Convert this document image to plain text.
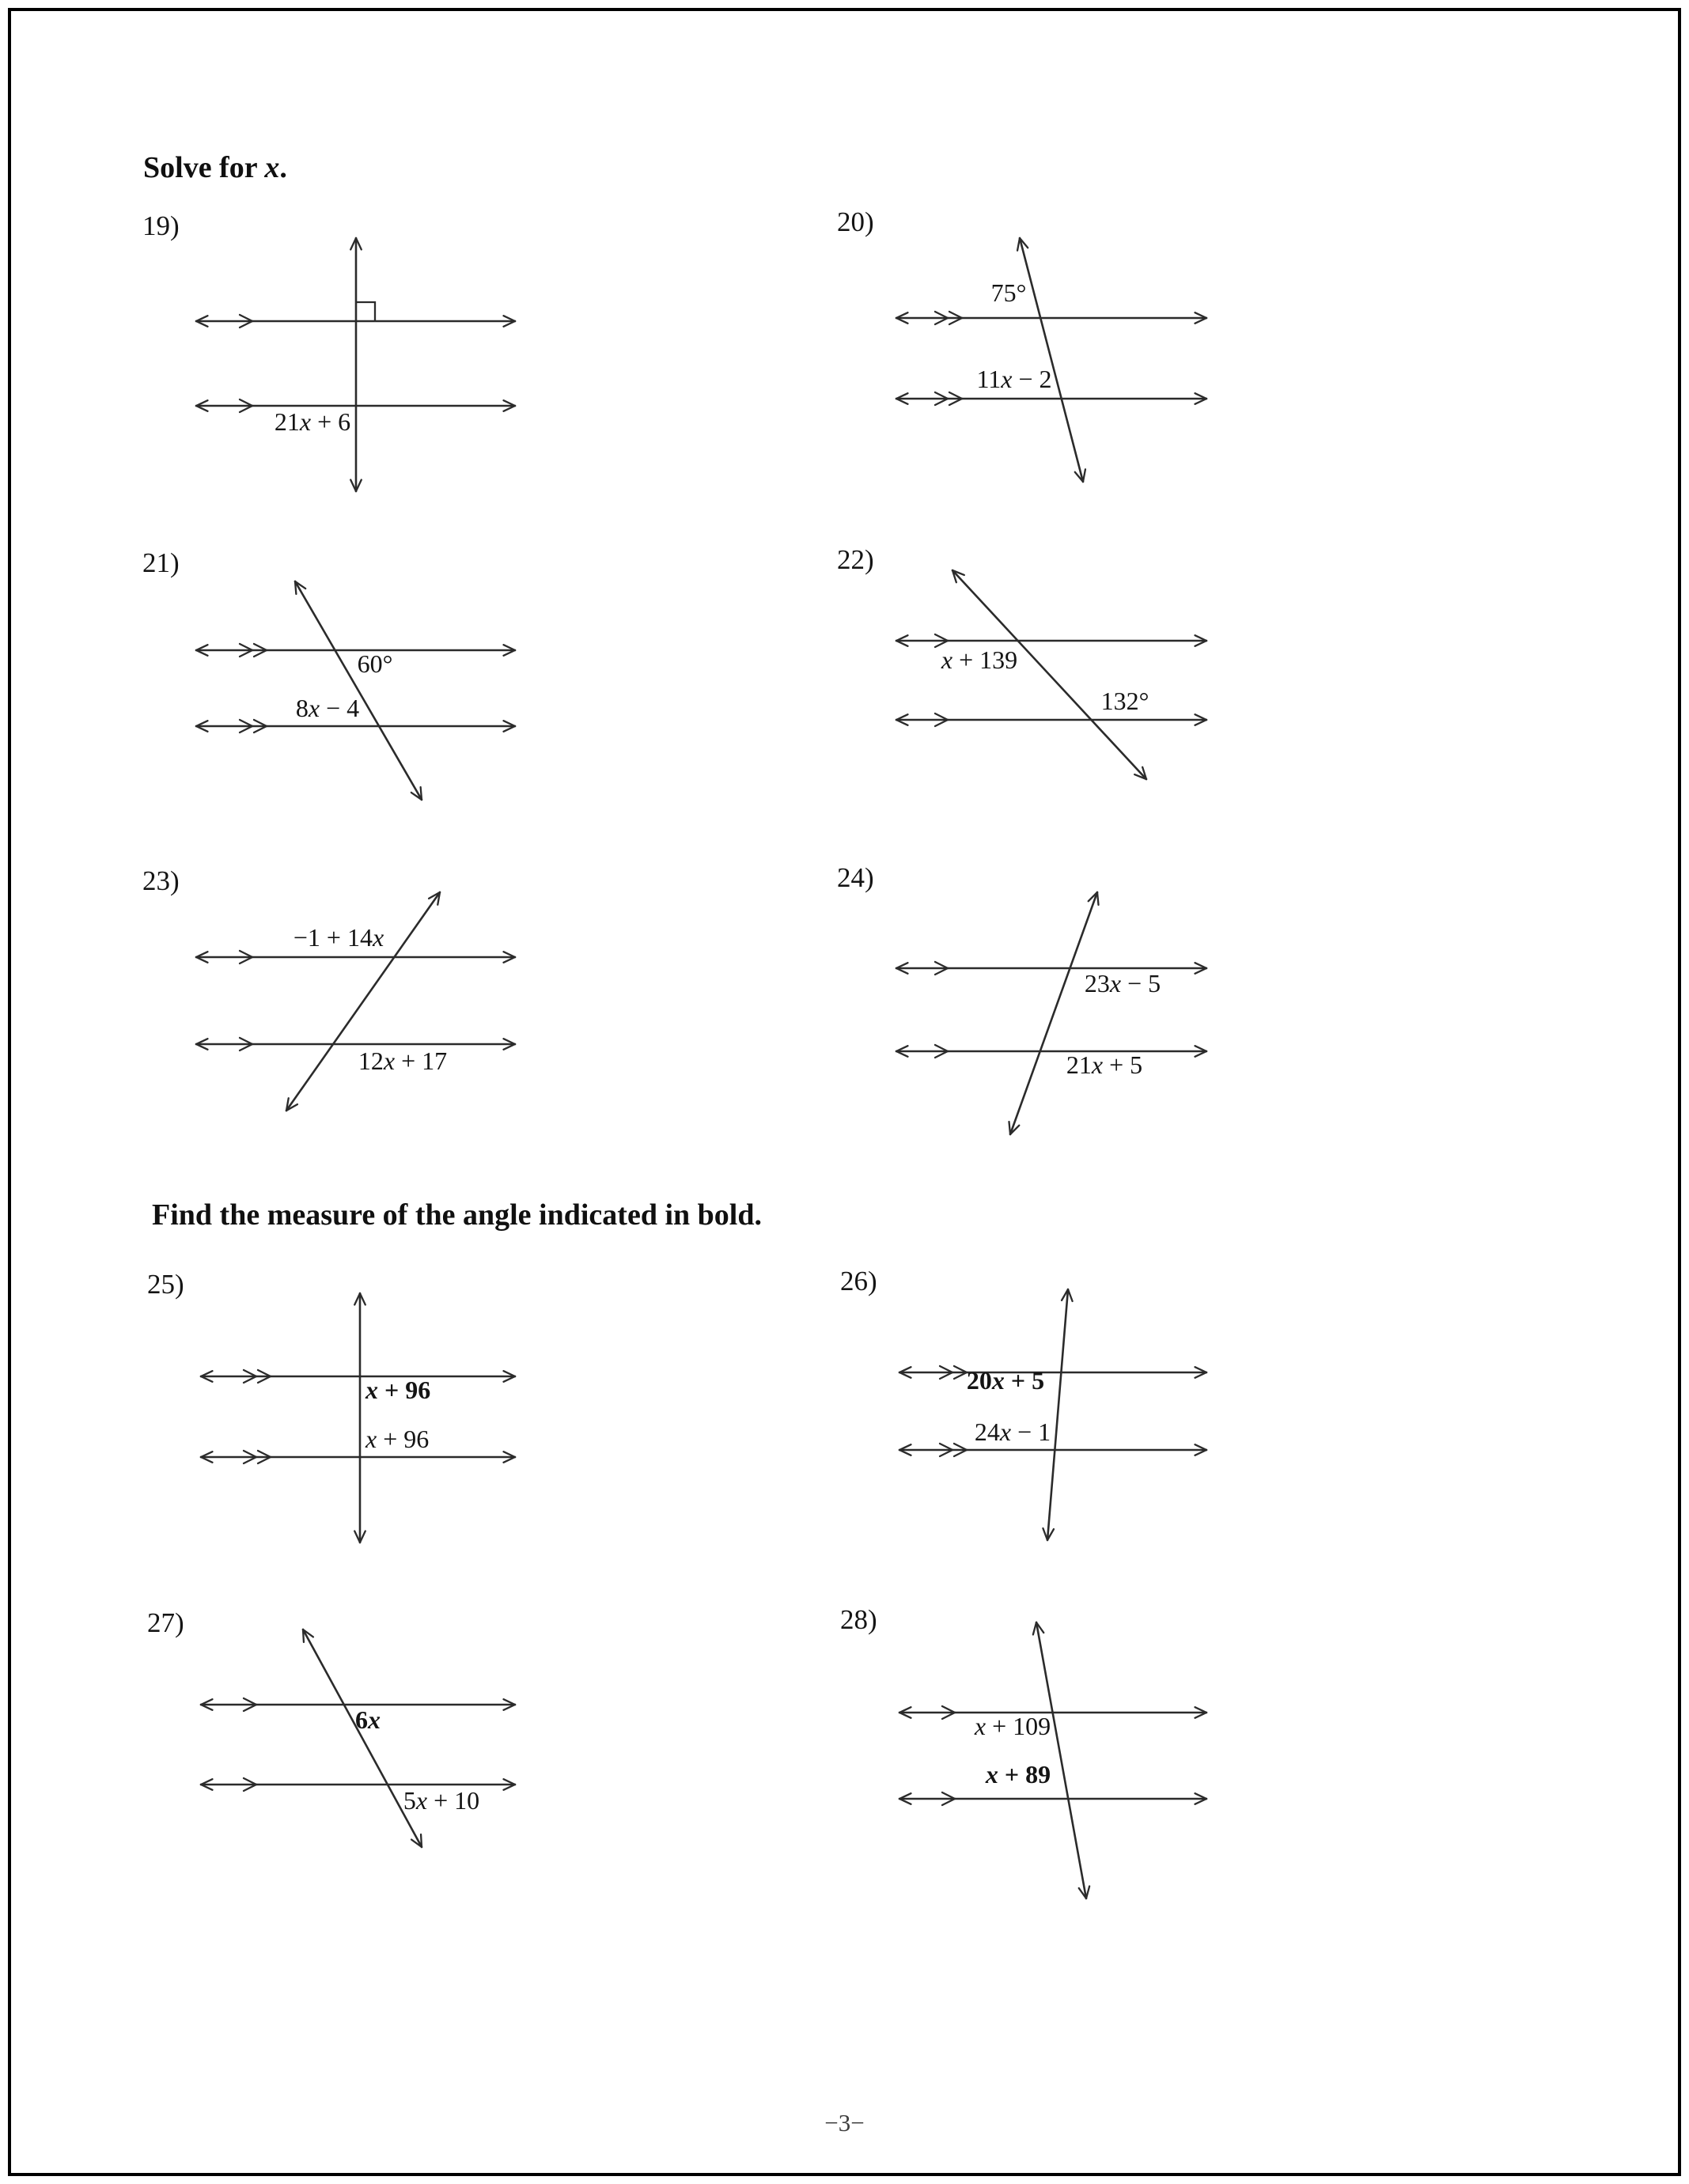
Solve for x.
Find the measure of the angle indicated in bold.
21x + 6
75°
11x − 2
60°
8x − 4
x + 139
132°
−1 + 14x
12x + 17
23x − 5
21x + 5
x + 96
x + 96
20x + 5
24x − 1
6x
5x + 10
x + 109
x + 89
19)	20)
21)	22)
23)	24)
25)	26)
27)	28)
−3−
